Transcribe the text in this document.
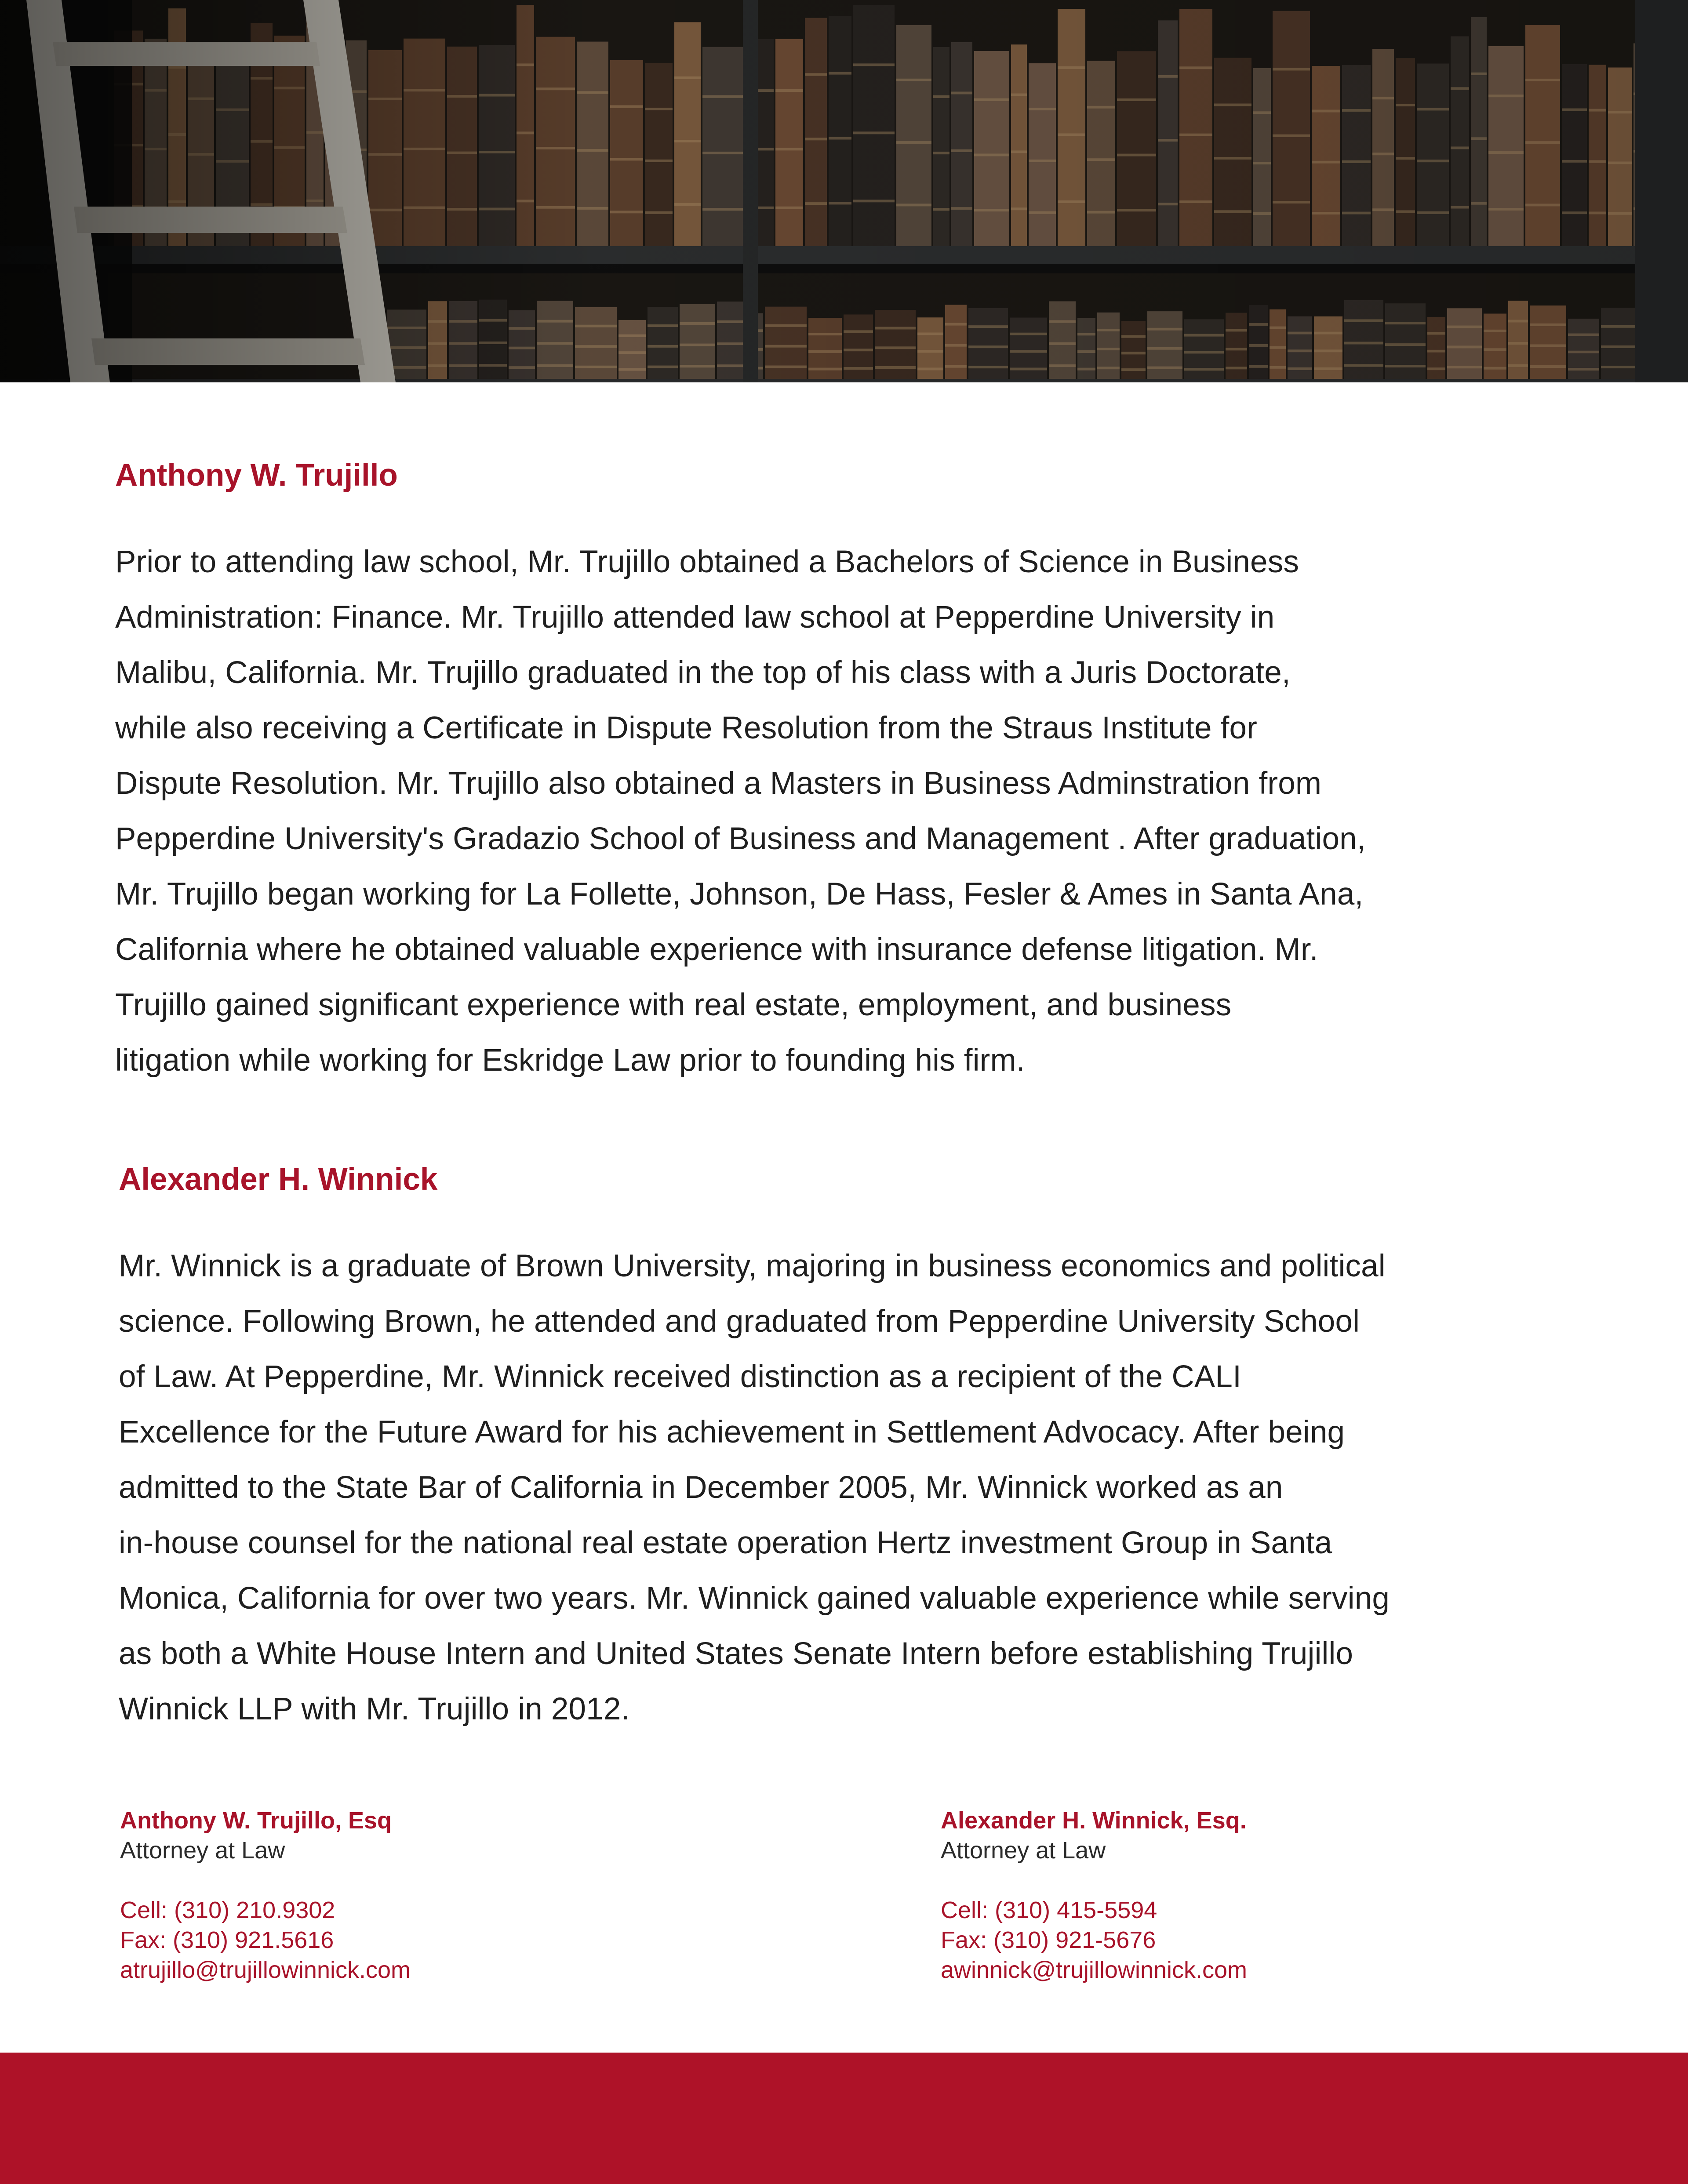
Anthony W. Trujillo

Prior to attending law school, Mr. Trujillo obtained a Bachelors of Science in Business
Administration: Finance. Mr. Trujillo attended law school at Pepperdine University in
Malibu, California. Mr. Trujillo graduated in the top of his class with a Juris Doctorate,
while also receiving a Certificate in Dispute Resolution from the Straus Institute for
Dispute Resolution. Mr. Trujillo also obtained a Masters in Business Adminstration from
Pepperdine University's Gradazio School of Business and Management . After graduation,
Mr. Trujillo began working for La Follette, Johnson, De Hass, Fesler & Ames in Santa Ana,
California where he obtained valuable experience with insurance defense litigation. Mr.
Trujillo gained significant experience with real estate, employment, and business
litigation while working for Eskridge Law prior to founding his firm.

Alexander H. Winnick

Mr. Winnick is a graduate of Brown University, majoring in business economics and political
science. Following Brown, he attended and graduated from Pepperdine University School
of Law. At Pepperdine, Mr. Winnick received distinction as a recipient of the CALI
Excellence for the Future Award for his achievement in Settlement Advocacy. After being
admitted to the State Bar of California in December 2005, Mr. Winnick worked as an
in-house counsel for the national real estate operation Hertz investment Group in Santa
Monica, California for over two years. Mr. Winnick gained valuable experience while serving
as both a White House Intern and United States Senate Intern before establishing Trujillo
Winnick LLP with Mr. Trujillo in 2012.

Anthony W. Trujillo, Esq
Attorney at Law
Cell: (310) 210.9302
Fax: (310) 921.5616
atrujillo@trujillowinnick.com
Alexander H. Winnick, Esq.
Attorney at Law
Cell: (310) 415-5594
Fax: (310) 921-5676
awinnick@trujillowinnick.com
